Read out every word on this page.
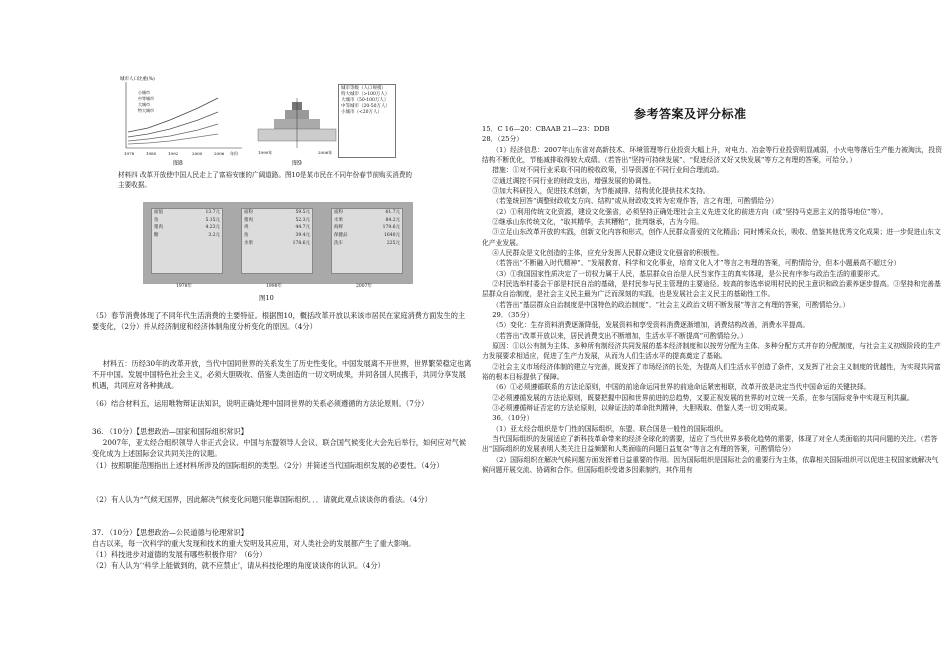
城市人口比重(%)
小城市
中等城市
大城市
特大城市
1978	1985	1992	2000	2006 年份	1990年	2006年
城市等级（人口规模）
特大城市（>100万人）
大城市（50-100万人）
中等城市（20-50万人）
小城市（<20万人）
图8	图9
材料四 改革开放使中国人民走上了富裕安康的广阔道路。图10是某市民在不同年份春节前购买消费的主要收据。
面值	13.7元
鱼	5.15元
猪肉	4.23元
糖	3.2元
面粉	59.5元
猪肉	52.3元
鸡	44.7元
鱼	39.4元
水果	178.6元
面粉	61.7元
水果	84.2元
海鲜	179.6元
保健品	1640元
洗车	225元
1978年	1998年	2007年
图10
（5）春节消费体现了不同年代生活消费的主要特征。根据图10，概括改革开放以来该市居民在家庭消费方面发生的主要变化，（2分）并从经济制度和经济体制角度分析变化的原因。（4分）
材料五：历经30年的改革开放，当代中国同世界的关系发生了历史性变化，中国发展离不开世界，世界繁荣稳定也离不开中国。发展中国特色社会主义，必须大胆吸收、借鉴人类创造的一切文明成果，并同各国人民携手，共同分享发展机遇，共同应对各种挑战。
（6）结合材料五，运用唯物辩证法知识，说明正确处理中国同世界的关系必须遵循的方法论原则。（7分）
36. （10分）【思想政治—国家和国际组织常识】
2007年，亚太经合组织领导人非正式会议、中国与东盟领导人会议、联合国气候变化大会先后举行，如何应对气候变化成为上述国际会议共同关注的议题。
（1）按照职能范围指出上述材料所涉及的国际组织的类型。（2分）并简述当代国际组织发展的必要性。（4分）
（2）有人认为“气候无国界，因此解决气候变化问题只能靠国际组织．．．请就此观点谈谈你的看法。（4分）
37. （10分）【思想政治—公民道德与伦理常识】
自古以来，每一次科学的重大发现和技术的重大发明及其应用，对人类社会的发展都产生了重大影响。
（1）科技进步对道德的发展有哪些积极作用？（6分）
（2）有人认为’‘科学上能做到的，就不应禁止’，请从科技伦理的角度谈谈你的认识。（4分）
参考答案及评分标准

15．C 16—20：CBAAB 21—23：DDB

28．（25分）

（1）经济信息：2007年山东省对高新技术、环境管理等行业投资大幅上升，对电力、冶金等行业投资明显减弱，小火电等落后生产能力被淘汰，投资结构不断优化，节能减排取得较大成绩。（若答出“坚持可持续发展”、“促进经济又好又快发展”等方之有理的答案，可给分。）

措施：①对不同行业采取不同的税收政策，引导资源在不同行业间合理流动。

②通过调控不同行业的财政支出，增强发展的协调性。

③加大科研投入，促进技术创新，为节能减排、结构优化提供技术支持。

（若笼统回答“调整财政收支方向、结构”或从财政收支转为宏观作答，言之有理，可酌情给分）

（2）①利用传统文化资源，建设文化强省，必须坚持正确处理社会主义先进文化的前进方向（或“坚持马克思主义的指导地位”等）。

②继承山东传统文化，“取其精华，去其糟粕”，批判继承，古为今用。

③立足山东改革开放的实践，创新文化内容和形式，创作人民群众喜爱的文化精品；同时博采众长，吸收、借鉴其他优秀文化成果；进一步促进山东文化产业发展。

④人民群众是文化创造的主体，应充分发挥人民群众建设文化强省的积极性。

（若答出“不断融入时代精神”、“发展教育、科学和文化事业，培育文化人才”等言之有理的答案，可酌情给分，但本小题最高不超过分）

（3）①我国国家性质决定了一切权力属于人民，基层群众自治是人民当家作主的真实体现，是公民有序参与政治生活的重要形式。

②村民选举村委会干部是村民自治的基础，是村民参与民主管理的主要途径。较高的参选率说明村民的民主意识和政治素养逐步提高。③坚持和完善基层群众自治制度，是社会主义民主最为广泛而深刻的实践，也是发展社会主义民主的基础性工作。

（若答出“基层群众自治制度是中国特色的政治制度”、“社会主义政治文明不断发展”等言之有理的答案，可酌情给分。）

29．（35分）

（5）变化：生存资料消费逐渐降低，发展资料和享受资料消费逐渐增加，消费结构改善，消费水平提高。

（若答出“改革开放以来，居民消费支出不断增加，生活水平不断提高”可酌情给分。）

原因：①以公有制为主体、多种所有制经济共同发展的基本经济制度和以按劳分配为主体、多种分配方式并存的分配制度，与社会主义初级阶段的生产力发展要求相适应，促进了生产力发展，从而为人们生活水平的提高奠定了基础。

②社会主义市场经济体制的建立与完善，既发挥了市场经济的长处，为提高人们生活水平创造了条件，又发挥了社会主义制度的优越性，为实现共同富裕的根本目标提供了保障。

（6）①必须遵循联系的方法论原则，中国的前途命运同世界的前途命运紧密相联，改革开放是决定当代中国命运的关键抉择。

②必须遵循发展的方法论原则，既要把握中国和世界前进的总趋势，又要正视发展的世界的对立统一关系，在参与国际竞争中实现互利共赢。

③必须遵循辩证否定的方法论原则，以辩证法的革命批判精神，大胆吸取、借鉴人类一切文明成果。

36．（10分）

（1）亚太经合组织是专门性的国际组织，东盟、联合国是一般性的国际组织。

当代国际组织的发展适应了新科技革命带来的经济全球化的需要，适应了当代世界多极化趋势的需要，体现了对全人类面临的共同问题的关注。（若答出“国际组织的发展表明人类关注日益频繁和人类面临的问题日益复杂”等言之有理的答案，可酌情给分）

（2）国际组织在解决气候问题方面发挥着日益重要的作用。因为国际组织是国际社会的重要行为主体，依靠相关国际组织可以促进主权国家就解决气候问题开展交流、协调和合作。但国际组织受诸多因素制约，其作用有
